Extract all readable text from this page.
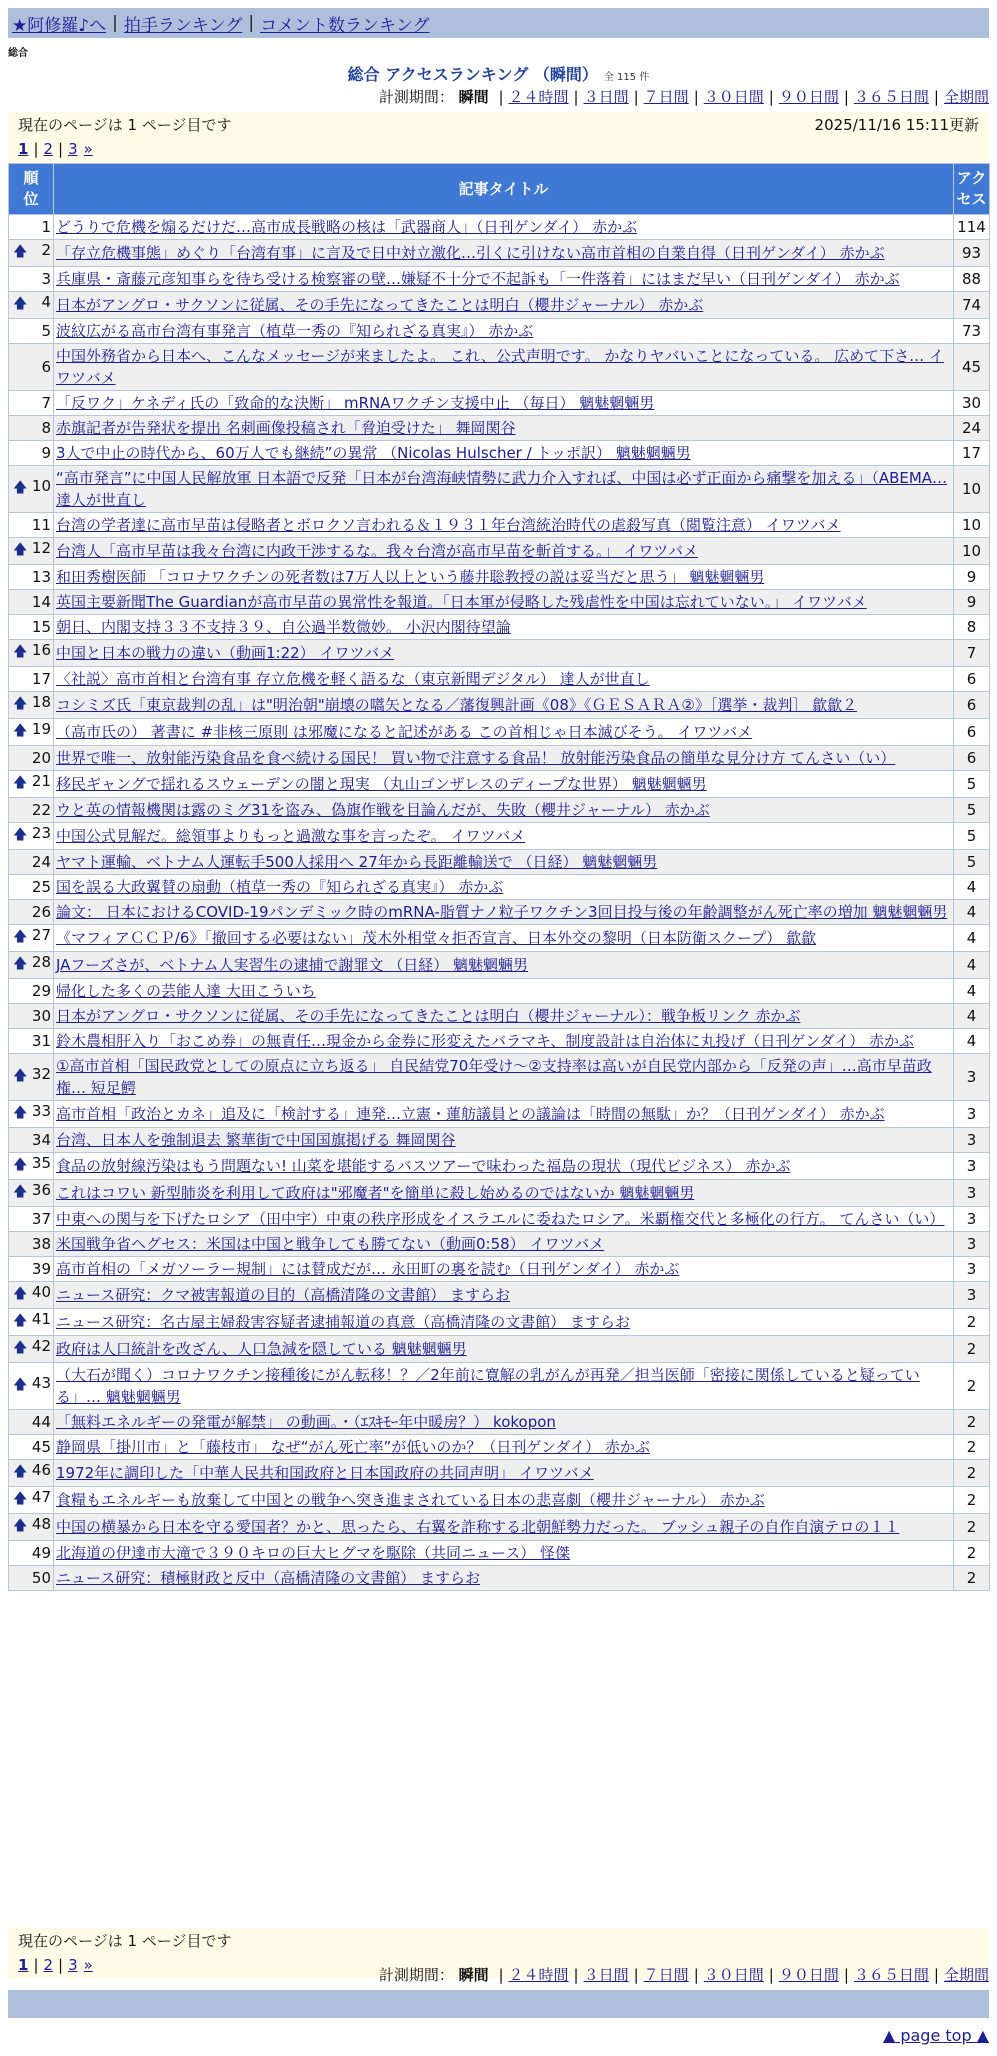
★阿修羅♪へ | 拍手ランキング | コメント数ランキング
総合
総合 アクセスランキング （瞬間） 全 115 件
計測期間： 瞬間 | ２４時間 | ３日間 | ７日間 | ３０日間 | ９０日間 | ３６５日間 | 全期間
現在のページは 1 ページ目です	2025/11/16 15:11更新
1 | 2 | 3 »
順位	記事タイトル	アクセス
1	どうりで危機を煽るだけだ…高市成長戦略の核は「武器商人」（日刊ゲンダイ） 赤かぶ	114

🡅 2	「存立危機事態」めぐり「台湾有事」に言及で日中対立激化…引くに引けない高市首相の自業自得（日刊ゲンダイ） 赤かぶ	93
3	兵庫県・斎藤元彦知事らを待ち受ける検察審の壁…嫌疑不十分で不起訴も「一件落着」にはまだ早い（日刊ゲンダイ） 赤かぶ	88

🡅 4	日本がアングロ・サクソンに従属、その手先になってきたことは明白（櫻井ジャーナル） 赤かぶ	74
5	波紋広がる高市台湾有事発言（植草一秀の『知られざる真実』） 赤かぶ	73
6	中国外務省から日本へ、こんなメッセージが来ましたよ。 これ、公式声明です。 かなりヤバいことになっている。 広めて下さ… イワツバメ	45
7	「反ワク」ケネディ氏の「致命的な決断」 mRNAワクチン支援中止 （毎日） 魑魅魍魎男	30
8	赤旗記者が告発状を提出 名刺画像投稿され「脅迫受けた」 舞岡関谷	24
9	3人で中止の時代から、60万人でも継続”の異常 （Nicolas Hulscher / トッポ訳） 魑魅魍魎男	17

🡅 10	“高市発言”に中国人民解放軍 日本語で反発「日本が台湾海峡情勢に武力介入すれば、中国は必ず正面から痛撃を加える」（ABEMA… 達人が世直し	10
11	台湾の学者達に高市早苗は侵略者とボロクソ言われる＆１９３１年台湾統治時代の虐殺写真（閲覧注意） イワツバメ	10

🡅 12	台湾人「高市早苗は我々台湾に内政干渉するな。我々台湾が高市早苗を斬首する。」 イワツバメ	10
13	和田秀樹医師 「コロナワクチンの死者数は7万人以上という藤井聡教授の説は妥当だと思う」 魑魅魍魎男	9
14	英国主要新聞The Guardianが高市早苗の異常性を報道。「日本軍が侵略した残虐性を中国は忘れていない。」 イワツバメ	9
15	朝日、内閣支持３３不支持３９、自公過半数微妙。 小沢内閣待望論	8

🡅 16	中国と日本の戦力の違い（動画1:22） イワツバメ	7
17	〈社説〉高市首相と台湾有事 存立危機を軽く語るな（東京新聞デジタル） 達人が世直し	6

🡅 18	コシミズ氏「東京裁判の乱」は"明治朝"崩壊の嚆矢となる／藩復興計画《08》《ＧＥＳＡＲＡ②》［選挙・裁判］ 歙歙２	6

🡅 19	（高市氏の） 著書に #非核三原則 は邪魔になると記述がある この首相じゃ日本滅びそう。 イワツバメ	6
20	世界で唯一、放射能汚染食品を食べ続ける国民！ 買い物で注意する食品！ 放射能汚染食品の簡単な見分け方 てんさい（い）	6

🡅 21	移民ギャングで揺れるスウェーデンの闇と現実 （丸山ゴンザレスのディープな世界） 魑魅魍魎男	5
22	ウと英の情報機関は露のミグ31を盗み、偽旗作戦を目論んだが、失敗（櫻井ジャーナル） 赤かぶ	5

🡅 23	中国公式見解だ。総領事よりもっと過激な事を言ったぞ。 イワツバメ	5
24	ヤマト運輸、ベトナム人運転手500人採用へ 27年から長距離輸送で （日経） 魑魅魍魎男	5
25	国を誤る大政翼賛の扇動（植草一秀の『知られざる真実』） 赤かぶ	4
26	論文： 日本におけるCOVID-19パンデミック時のmRNA-脂質ナノ粒子ワクチン3回目投与後の年齢調整がん死亡率の増加 魑魅魍魎男	4

🡅 27	《マフィアＣＣＰ/6》「撤回する必要はない」茂木外相堂々拒否宣言、日本外交の黎明（日本防衛スクープ） 歙歙	4

🡅 28	JAフーズさが、ベトナム人実習生の逮捕で謝罪文 （日経） 魑魅魍魎男	4
29	帰化した多くの芸能人達 大田こういち	4
30	日本がアングロ・サクソンに従属、その手先になってきたことは明白（櫻井ジャーナル）：戦争板リンク 赤かぶ	4
31	鈴木農相肝入り「おこめ券」の無責任…現金から金券に形変えたバラマキ、制度設計は自治体に丸投げ（日刊ゲンダイ） 赤かぶ	4

🡅 32	①高市首相「国民政党としての原点に立ち返る」 自民結党70年受け～②支持率は高いが自民党内部から「反発の声」…高市早苗政権… 短足鰐	3

🡅 33	高市首相「政治とカネ」追及に「検討する」連発…立憲・蓮舫議員との議論は「時間の無駄」か？（日刊ゲンダイ） 赤かぶ	3
34	台湾、日本人を強制退去 繁華街で中国国旗掲げる 舞岡関谷	3

🡅 35	食品の放射線汚染はもう問題ない! 山菜を堪能するバスツアーで味わった福島の現状（現代ビジネス） 赤かぶ	3

🡅 36	これはコワい 新型肺炎を利用して政府は"邪魔者"を簡単に殺し始めるのではないか 魑魅魍魎男	3
37	中東への関与を下げたロシア（田中宇）中東の秩序形成をイスラエルに委ねたロシア。米覇権交代と多極化の行方。 てんさい（い）	3
38	米国戦争省ヘグセス：米国は中国と戦争しても勝てない（動画0:58） イワツバメ	3
39	高市首相の「メガソーラー規制」には賛成だが… 永田町の裏を読む（日刊ゲンダイ） 赤かぶ	3

🡅 40	ニュース研究：クマ被害報道の目的（高橋清隆の文書館） ますらお	3

🡅 41	ニュース研究：名古屋主婦殺害容疑者逮捕報道の真意（高橋清隆の文書館） ますらお	2

🡅 42	政府は人口統計を改ざん、人口急減を隠している 魑魅魍魎男	2

🡅 43	（大石が聞く）コロナワクチン接種後にがん転移！？／2年前に寛解の乳がんが再発／担当医師「密接に関係していると疑っている」… 魑魅魍魎男	2
44	「無料エネルギーの発電が解禁」 の動画。・（ｴｽｷﾓｰ年中暖房？） kokopon	2
45	静岡県「掛川市」と「藤枝市」 なぜ“がん死亡率”が低いのか？（日刊ゲンダイ） 赤かぶ	2

🡅 46	1972年に調印した「中華人民共和国政府と日本国政府の共同声明」 イワツバメ	2

🡅 47	食糧もエネルギーも放棄して中国との戦争へ突き進まされている日本の悲喜劇（櫻井ジャーナル） 赤かぶ	2

🡅 48	中国の横暴から日本を守る愛国者？かと、思ったら、右翼を詐称する北朝鮮勢力だった。 ブッシュ親子の自作自演テロの１１	2
49	北海道の伊達市大滝で３９０キロの巨大ヒグマを駆除（共同ニュース） 怪傑	2
50	ニュース研究：積極財政と反中（高橋清隆の文書館） ますらお	2
現在のページは 1 ページ目です
1 | 2 | 3 »
計測期間： 瞬間 | ２４時間 | ３日間 | ７日間 | ３０日間 | ９０日間 | ３６５日間 | 全期間
▲ page top ▲
